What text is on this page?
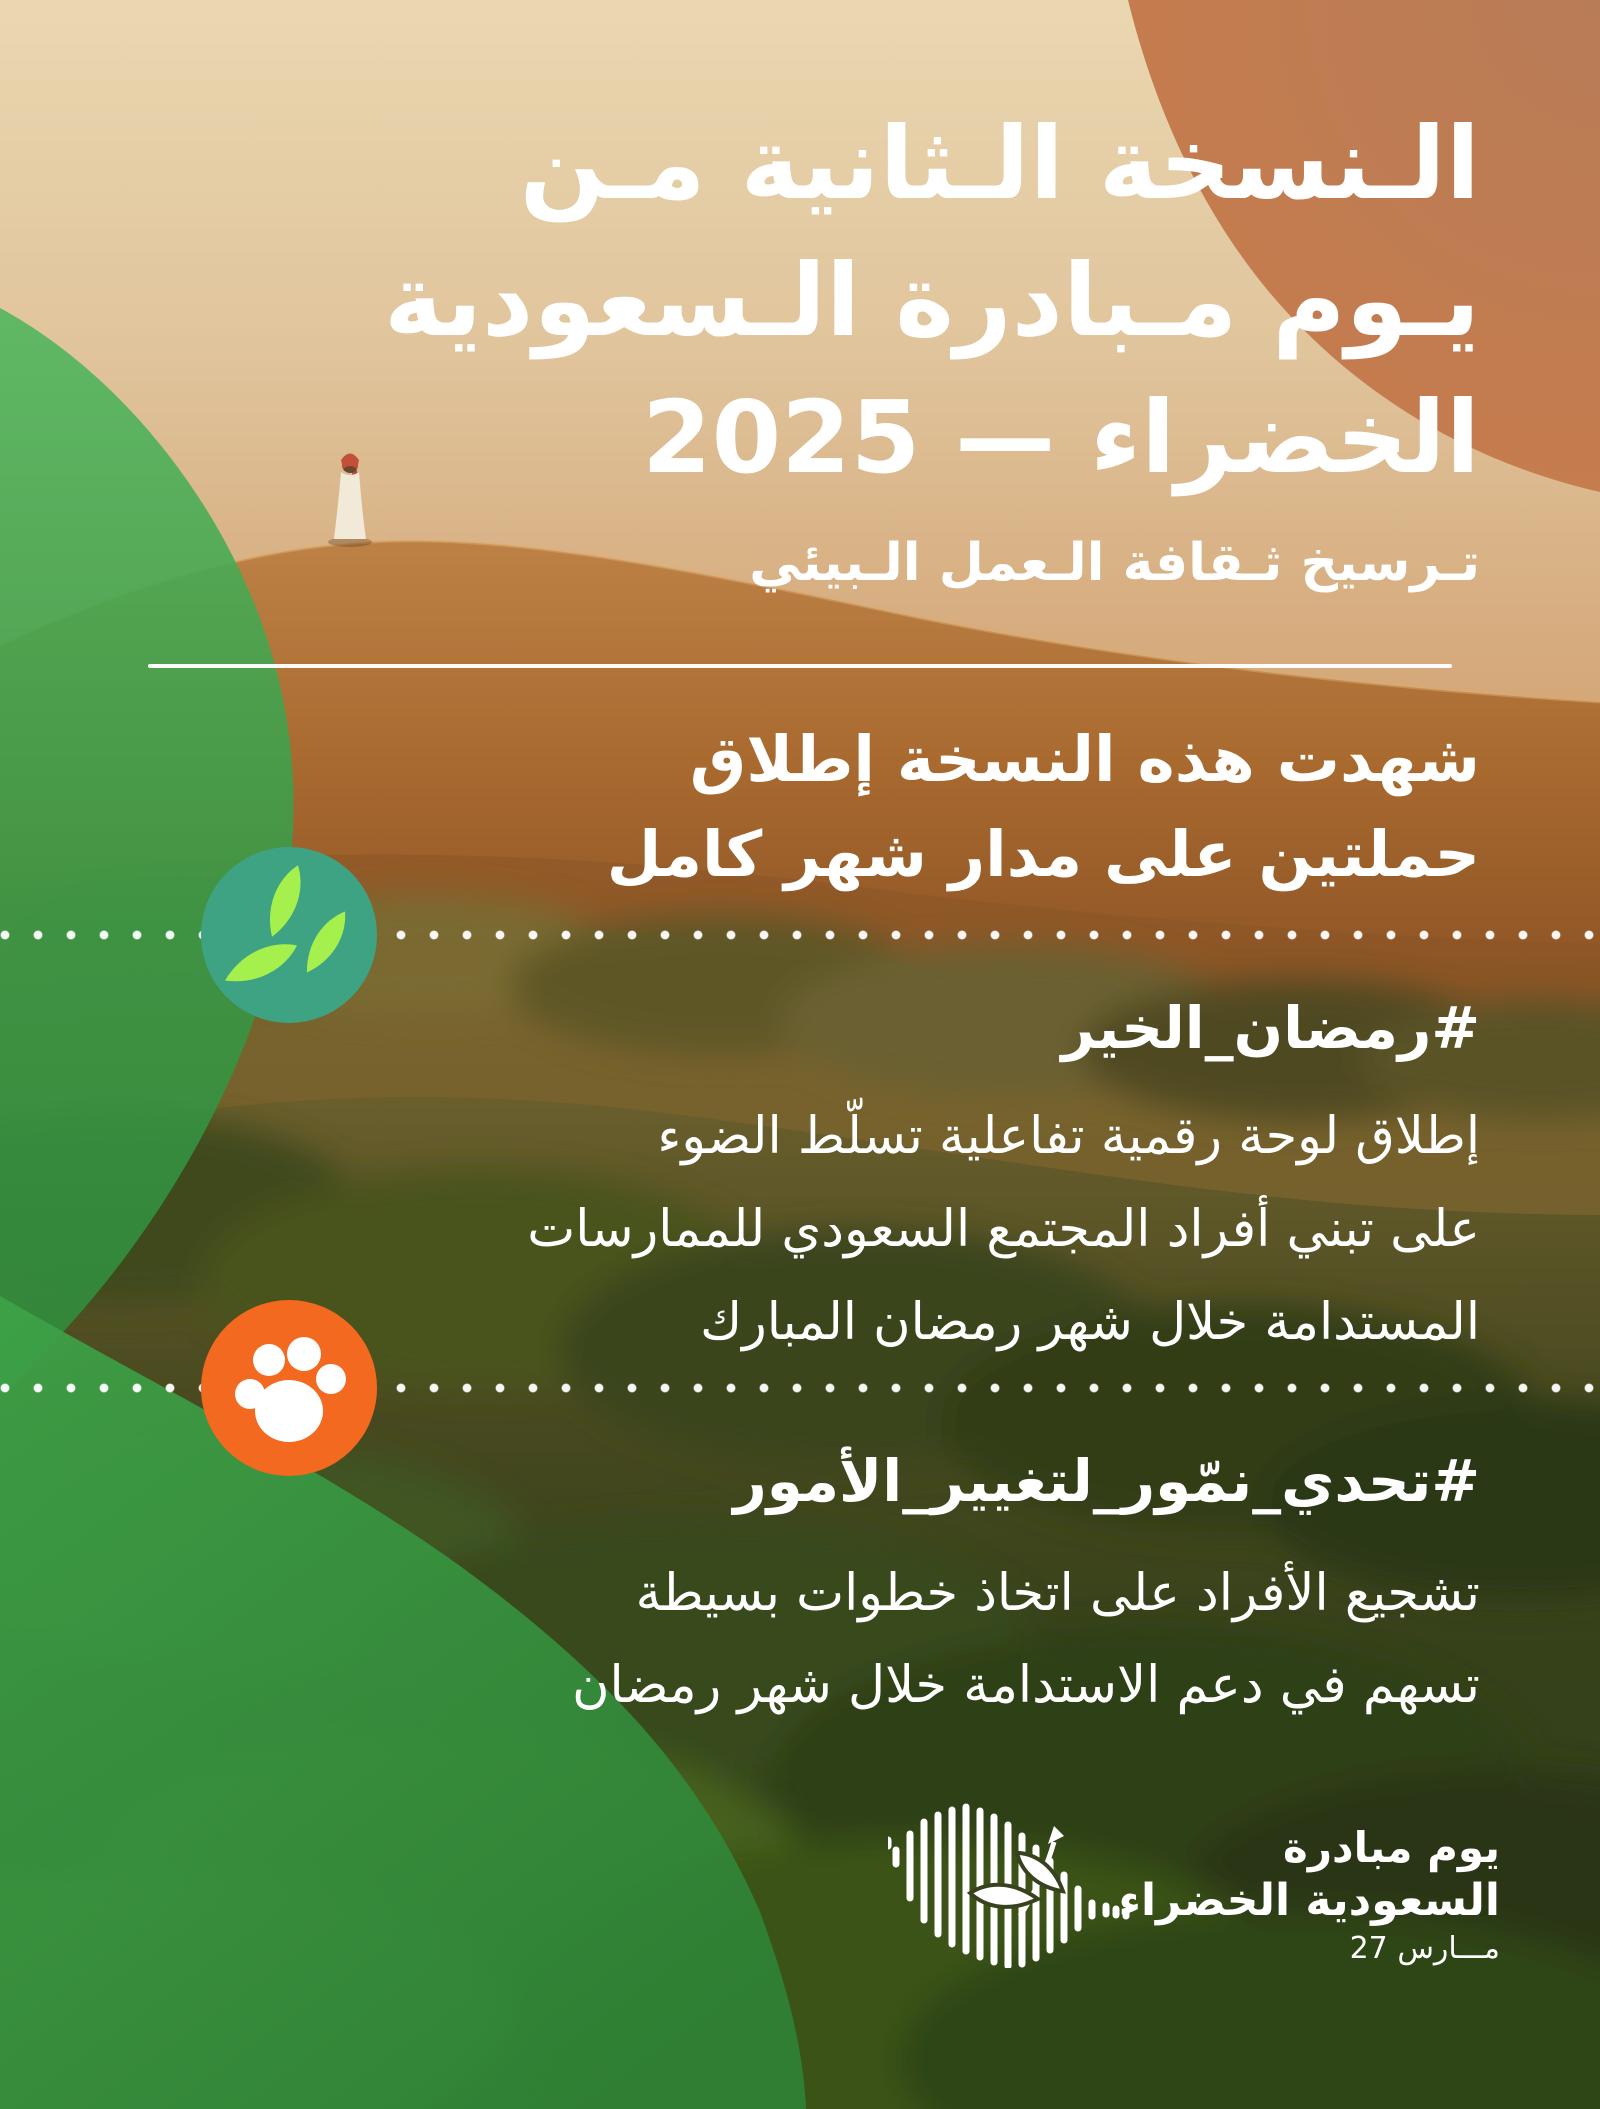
الـنسخة الـثانية مـن
يـوم مـبادرة الـسعودية
الخضراء — 2025
تـرسيخ ثـقافة الـعمل الـبيئي
شهدت هذه النسخة إطلاق
حملتين على مدار شهر كامل
#رمضان_الخير
إطلاق لوحة رقمية تفاعلية تسلّط الضوء
على تبني أفراد المجتمع السعودي للممارسات
المستدامة خلال شهر رمضان المبارك
#تحدي_نمّور_لتغيير_الأمور
تشجيع الأفراد على اتخاذ خطوات بسيطة
تسهم في دعم الاستدامة خلال شهر رمضان
يوم مبادرة
السعودية الخضراء
27 مـــارس
